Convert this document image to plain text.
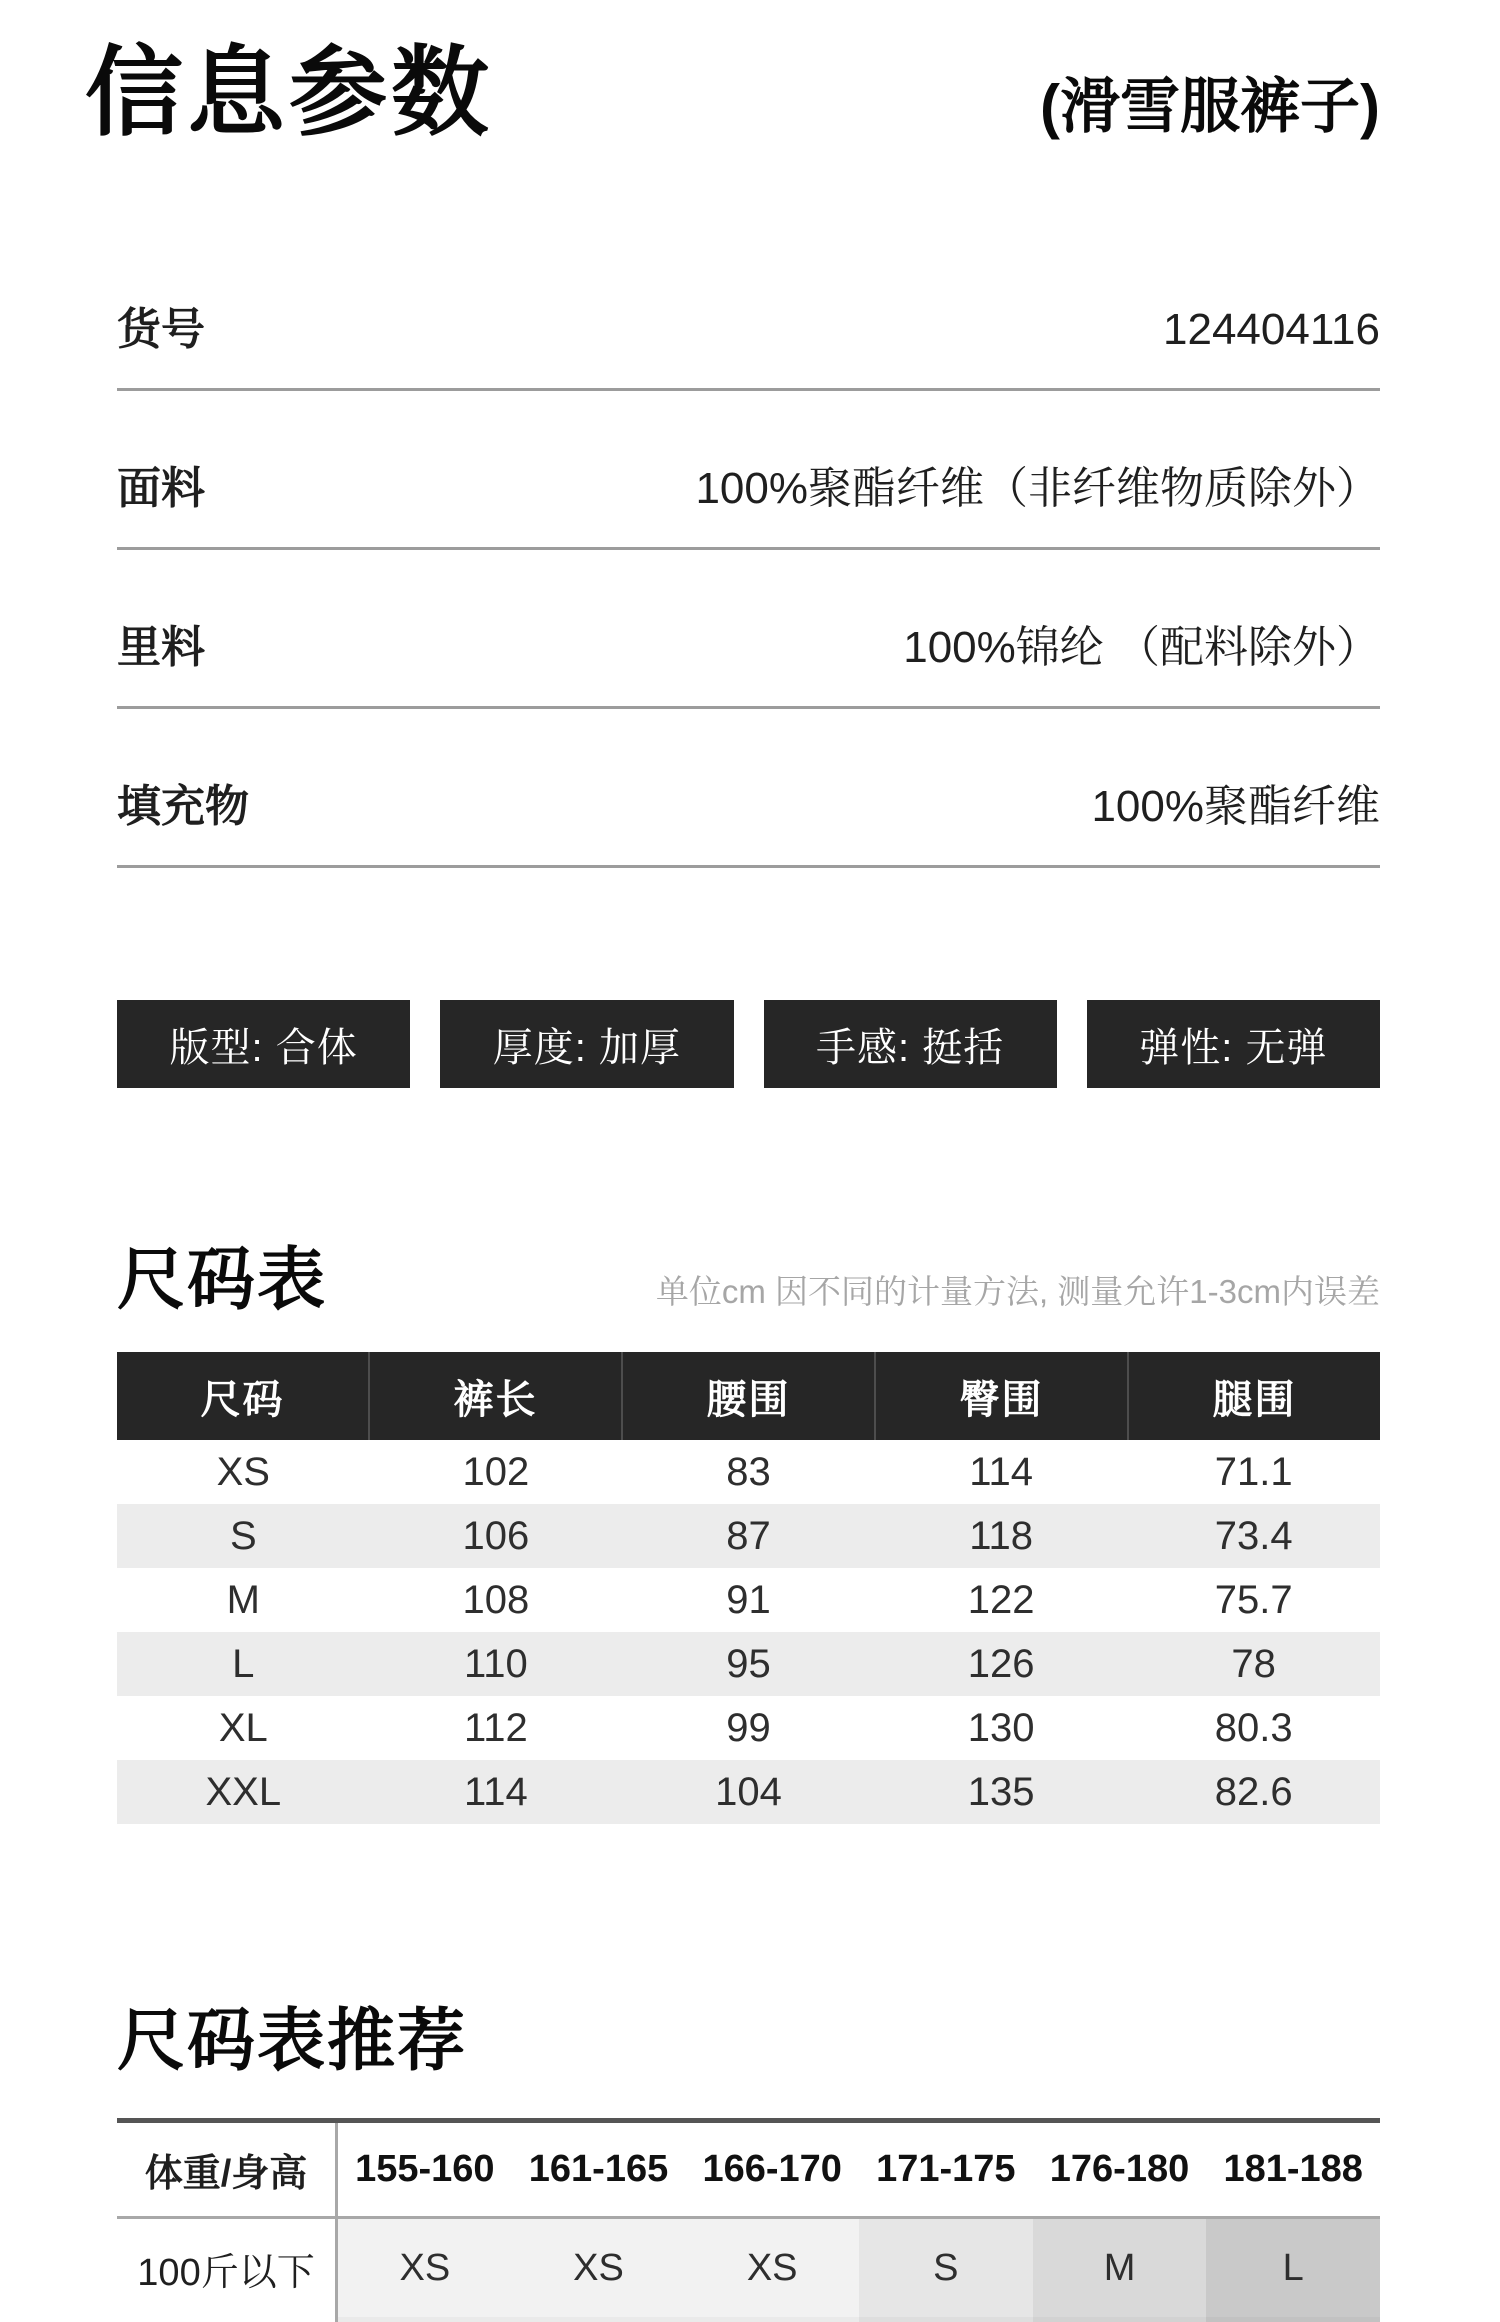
信息参数	(滑雪服裤子)
货号	124404116
面料	100%聚酯纤维（非纤维物质除外）
里料	100%锦纶 （配料除外）
填充物	100%聚酯纤维
版型: 合体	厚度: 加厚	手感: 挺括	弹性: 无弹
尺码表	单位cm 因不同的计量方法, 测量允许1-3cm内误差
尺码	裤长	腰围	臀围	腿围
XS	102	83	114	71.1
S	106	87	118	73.4
M	108	91	122	75.7
L	110	95	126	78
XL	112	99	130	80.3
XXL	114	104	135	82.6
尺码表推荐
体重/身高	155-160 161-165 166-170 171-175 176-180 181-188
100斤以下	XS	XS	XS	S	M	L
